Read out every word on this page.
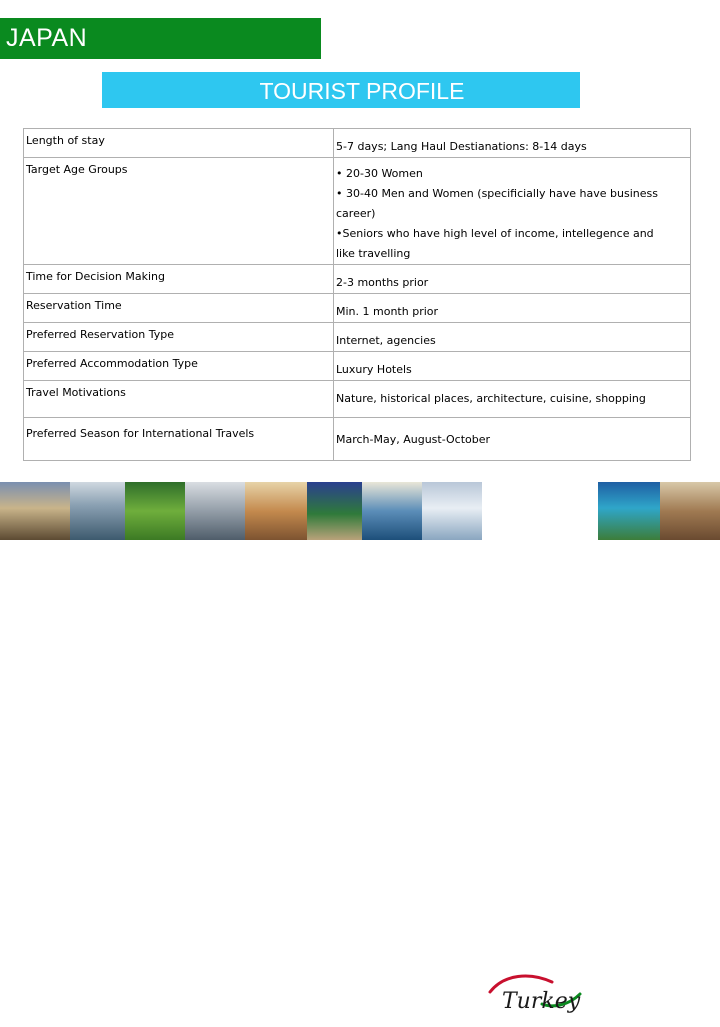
JAPAN
TOURIST PROFILE
Length of stay	5-7 days; Lang Haul Destianations: 8-14 days

Target Age Groups	• 20-30 Women
• 30-40 Men and Women (specificially have have business
career)
•Seniors who have high level of income, intellegence and
like travelling

Time for Decision Making	2-3 months prior

Reservation Time	Min. 1 month prior

Preferred Reservation Type	Internet, agencies

Preferred Accommodation Type	Luxury Hotels

Travel Motivations	Nature, historical places, architecture, cuisine, shopping

Preferred Season for International Travels	March-May, August-October
Turkey
